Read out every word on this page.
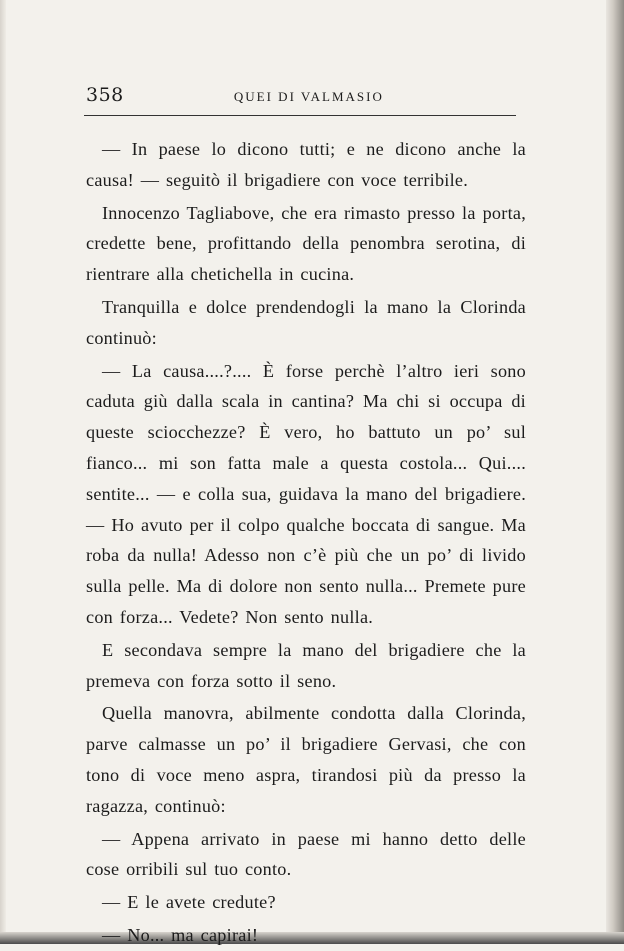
358	QUEI DI VALMASIO

— In paese lo dicono tutti; e ne dicono anche la causa! — seguitò il brigadiere con voce terribile.

Innocenzo Tagliabove, che era rimasto presso la porta, credette bene, profittando della penombra serotina, di rientrare alla chetichella in cucina.

Tranquilla e dolce prendendogli la mano la Clorinda continuò:

— La causa....?.... È forse perchè l’altro ieri sono caduta giù dalla scala in cantina? Ma chi si occupa di queste sciocchezze? È vero, ho battuto un po’ sul fianco... mi son fatta male a questa costola... Qui.... sentite... — e colla sua, guidava la mano del brigadiere. — Ho avuto per il colpo qualche boccata di sangue. Ma roba da nulla! Adesso non c’è più che un po’ di livido sulla pelle. Ma di dolore non sento nulla... Premete pure con forza... Vedete? Non sento nulla.

E secondava sempre la mano del brigadiere che la premeva con forza sotto il seno.

Quella manovra, abilmente condotta dalla Clorinda, parve calmasse un po’ il brigadiere Gervasi, che con tono di voce meno aspra, tirandosi più da presso la ragazza, continuò:

— Appena arrivato in paese mi hanno detto delle cose orribili sul tuo conto.

— E le avete credute?

— No... ma capirai!
